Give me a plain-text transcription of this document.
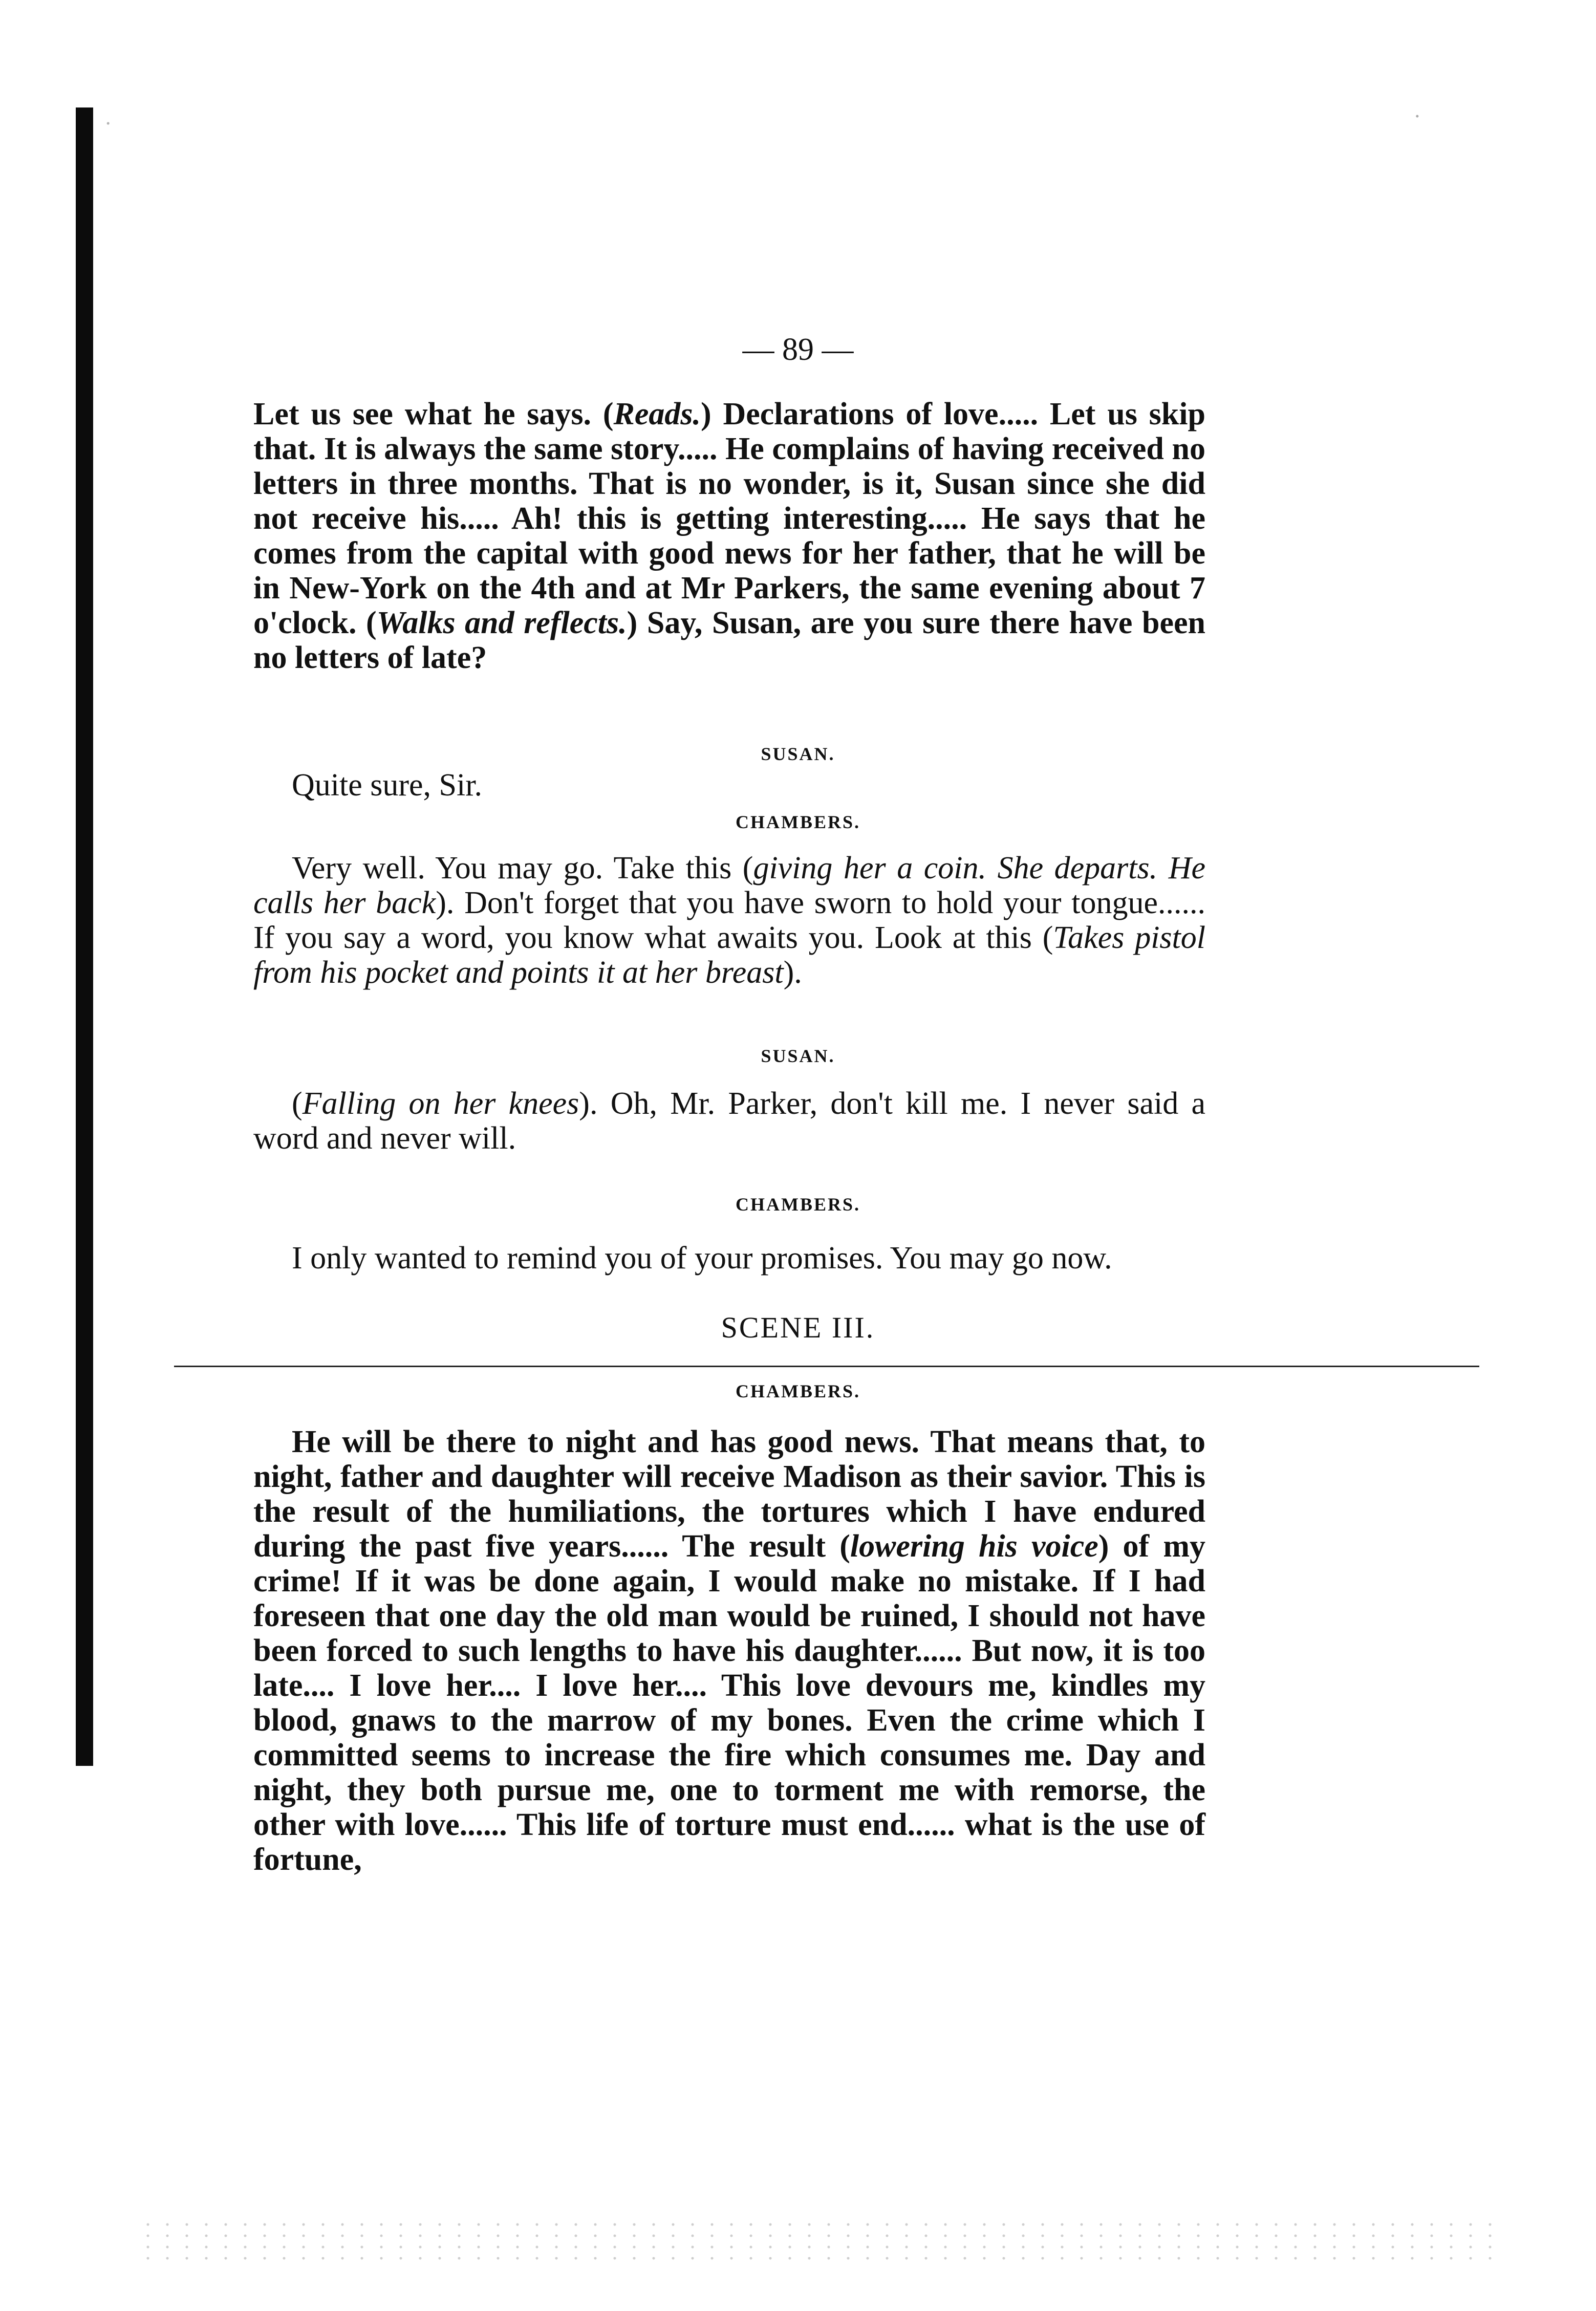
— 89 —

Let us see what he says. (Reads.) Declarations of love..... Let us skip that. It is always the same story..... He complains of having received no letters in three months. That is no wonder, is it, Susan since she did not receive his..... Ah! this is getting interesting..... He says that he comes from the capital with good news for her father, that he will be in New-York on the 4th and at Mr Parkers, the same evening about 7 o'clock. (Walks and reflects.) Say, Susan, are you sure there have been no letters of late?

SUSAN.

Quite sure, Sir.

CHAMBERS.

Very well. You may go. Take this (giving her a coin. She departs. He calls her back). Don't forget that you have sworn to hold your tongue...... If you say a word, you know what awaits you. Look at this (Takes pistol from his pocket and points it at her breast).

SUSAN.

(Falling on her knees). Oh, Mr. Parker, don't kill me. I never said a word and never will.

CHAMBERS.

I only wanted to remind you of your promises. You may go now.

SCENE III.
CHAMBERS.

He will be there to night and has good news. That means that, to night, father and daughter will receive Madison as their savior. This is the result of the humiliations, the tortures which I have endured during the past five years...... The result (lowering his voice) of my crime! If it was be done again, I would make no mistake. If I had foreseen that one day the old man would be ruined, I should not have been forced to such lengths to have his daughter...... But now, it is too late.... I love her.... I love her.... This love devours me, kindles my blood, gnaws to the marrow of my bones. Even the crime which I committed seems to increase the fire which consumes me. Day and night, they both pursue me, one to torment me with remorse, the other with love...... This life of torture must end...... what is the use of fortune,
